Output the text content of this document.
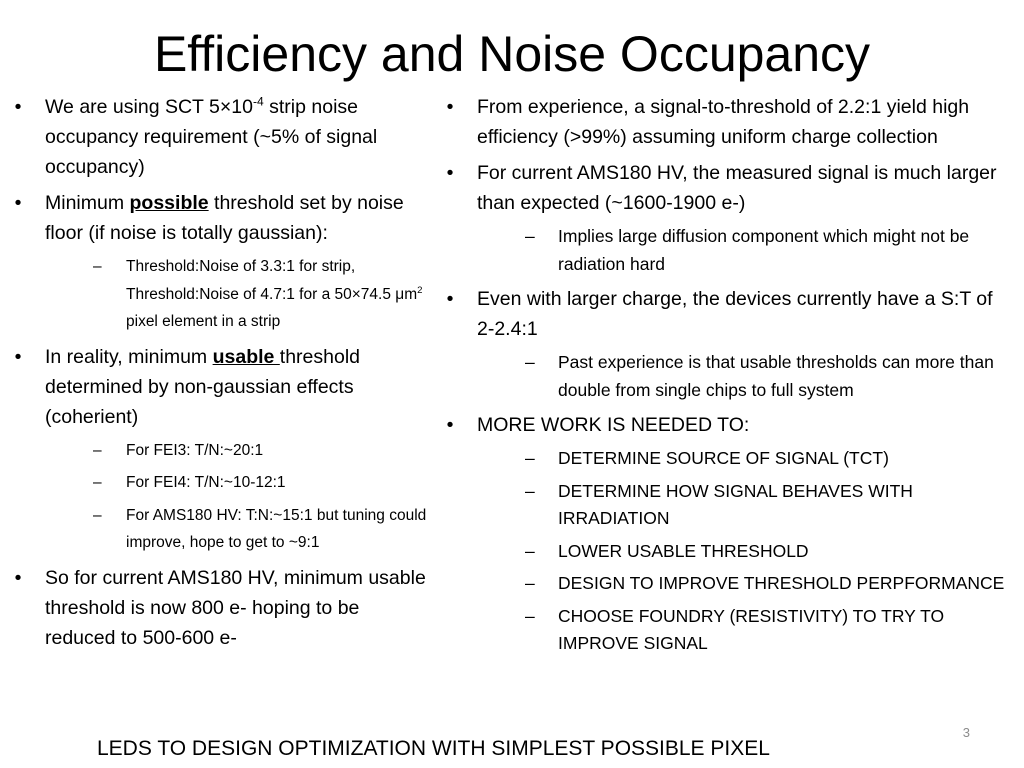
Efficiency and Noise Occupancy
•	We are using SCT $5\times 10^{-4}$ strip noise occupancy requirement (~5% of signal occupancy)
•	Minimum possible threshold set by noise floor (if noise is totally gaussian):
– Threshold:Noise of 3.3:1 for strip, Threshold:Noise of 4.7:1 for a 50×74.5 $\mu m^2$ pixel element in a strip
•	In reality, minimum usable threshold determined by non-gaussian effects (coherient)
– For FEI3: T/N:~20:1
– For FEI4: T/N:~10-12:1
– For AMS180 HV: T:N:~15:1 but tuning could improve, hope to get to ~9:1
•	So for current AMS180 HV, minimum usable threshold is now 800 e- hoping to be reduced to 500-600 e-
•	From experience, a signal-to-threshold of 2.2:1 yield high efficiency (>99%) assuming uniform charge collection
•	For current AMS180 HV, the measured signal is much larger than expected (~1600-1900 e-)
– Implies large diffusion component which might not be radiation hard
•	Even with larger charge, the devices currently have a S:T of 2-2.4:1
– Past experience is that usable thresholds can more than double from single chips to full system
•	MORE WORK IS NEEDED TO:
– DETERMINE SOURCE OF SIGNAL (TCT)
– DETERMINE HOW SIGNAL BEHAVES WITH IRRADIATION
– LOWER USABLE THRESHOLD
– DESIGN TO IMPROVE THRESHOLD PERPFORMANCE
– CHOOSE FOUNDRY (RESISTIVITY) TO TRY TO IMPROVE SIGNAL
3
LEDS TO DESIGN OPTIMIZATION WITH SIMPLEST POSSIBLE PIXEL
